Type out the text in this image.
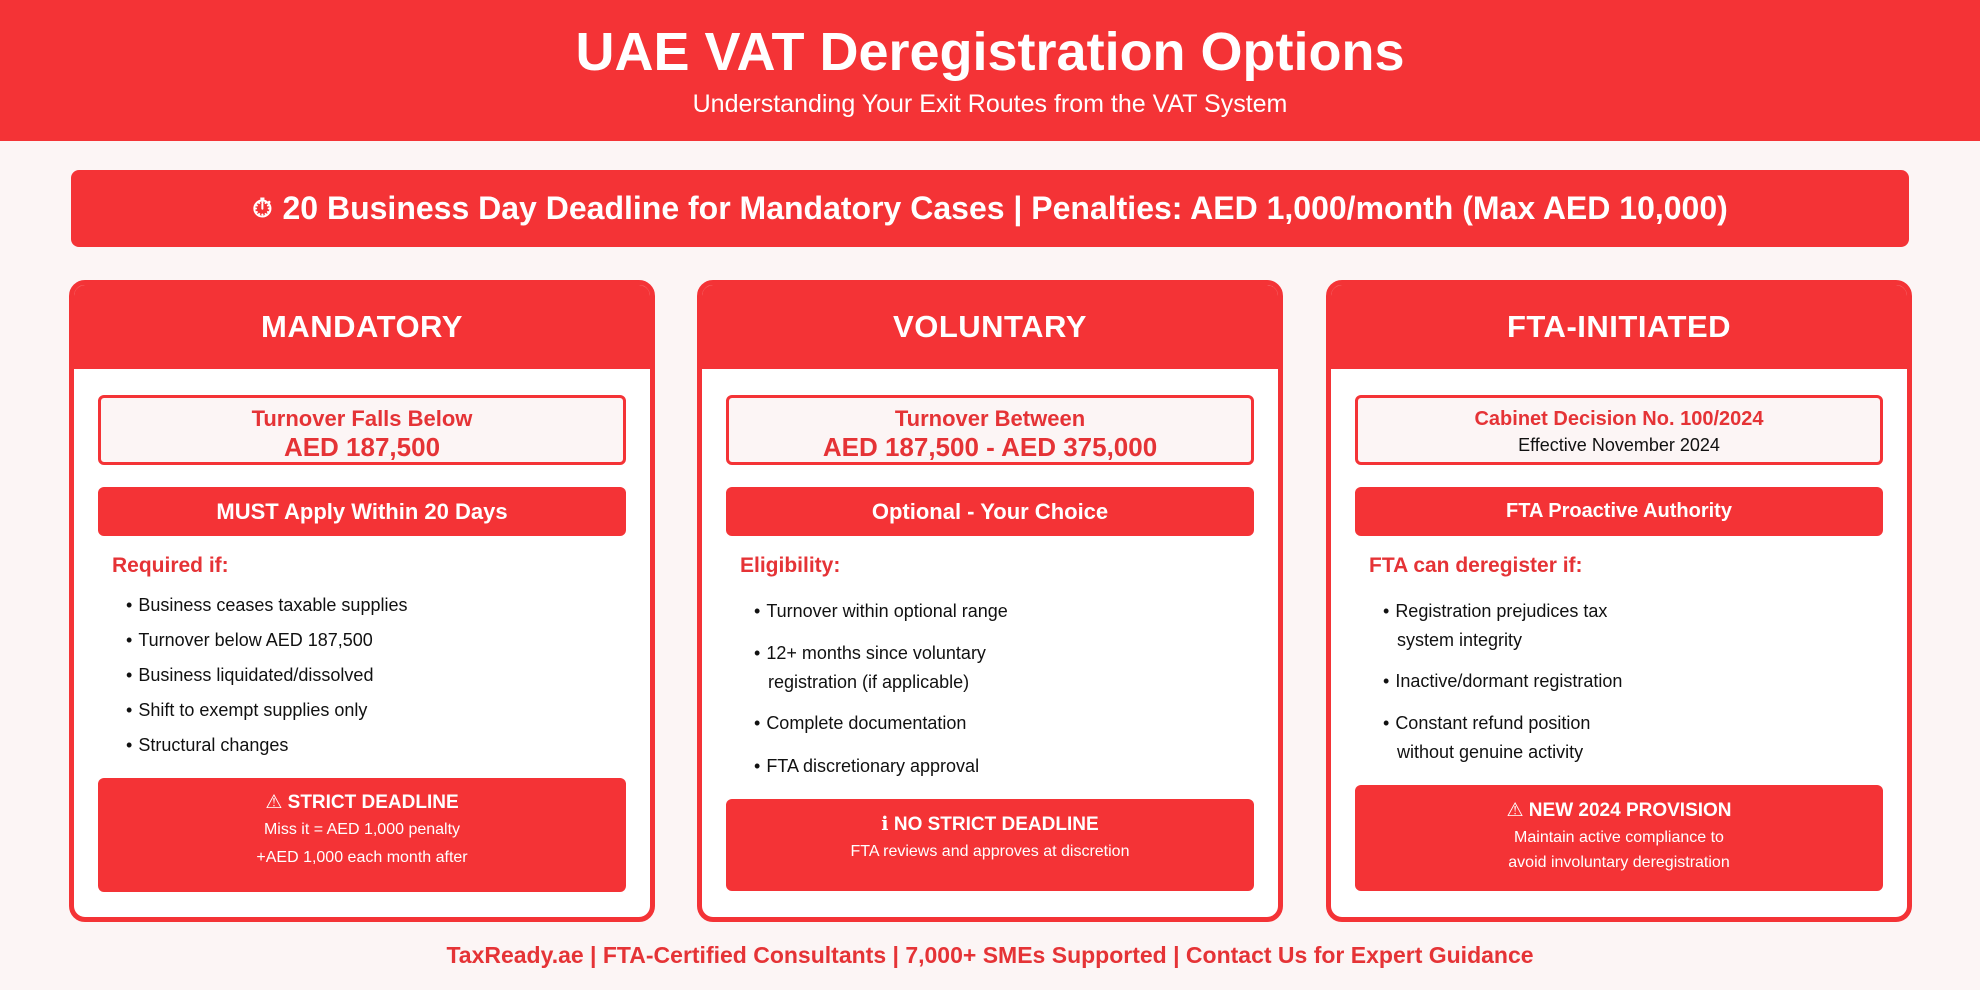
UAE VAT Deregistration Options
Understanding Your Exit Routes from the VAT System
⏱ 20 Business Day Deadline for Mandatory Cases | Penalties: AED 1,000/month (Max AED 10,000)
MANDATORY
Turnover Falls Below
AED 187,500
MUST Apply Within 20 Days
Required if:
• Business ceases taxable supplies
• Turnover below AED 187,500
• Business liquidated/dissolved
• Shift to exempt supplies only
• Structural changes
⚠ STRICT DEADLINE
Miss it = AED 1,000 penalty
+AED 1,000 each month after
VOLUNTARY
Turnover Between
AED 187,500 - AED 375,000
Optional - Your Choice
Eligibility:
• Turnover within optional range
• 12+ months since voluntary
registration (if applicable)
• Complete documentation
• FTA discretionary approval
ℹ NO STRICT DEADLINE
FTA reviews and approves at discretion
FTA-INITIATED
Cabinet Decision No. 100/2024
Effective November 2024
FTA Proactive Authority
FTA can deregister if:
• Registration prejudices tax
system integrity
• Inactive/dormant registration
• Constant refund position
without genuine activity
⚠ NEW 2024 PROVISION
Maintain active compliance to
avoid involuntary deregistration
TaxReady.ae | FTA-Certified Consultants | 7,000+ SMEs Supported | Contact Us for Expert Guidance
